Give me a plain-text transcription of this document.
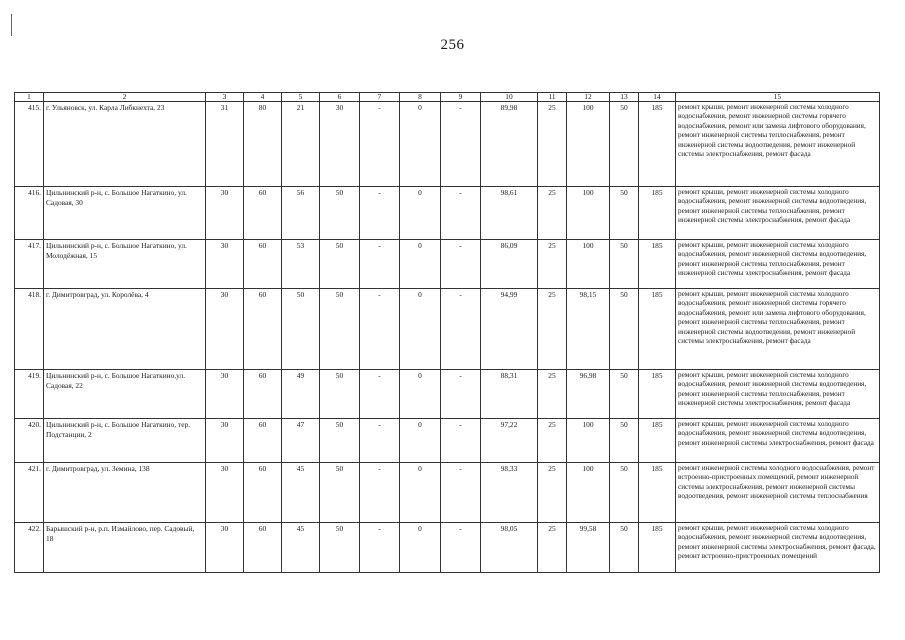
256
1	2	3	4	5	6	7	8	9	10	11	12	13	14	15
415.	г. Ульяновск, ул. Карла Либкнехта, 23	31	80	21	30	-	0	-	89,98	25	100	50	185	ремонт крыши, ремонт инженерной системы холодного водоснабжения, ремонт инженерной системы горячего водоснабжения, ремонт или замена лифтового оборудования, ремонт инженерной системы теплоснабжения, ремонт инженерной системы водоотведения, ремонт инженерной системы электроснабжения, ремонт фасада
416.	Цильнинский р-н, с. Большое Нагаткино, ул. Садовая, 30	30	60	56	50	-	0	-	98,61	25	100	50	185	ремонт крыши, ремонт инженерной системы холодного водоснабжения, ремонт инженерной системы водоотведения, ремонт инженерной системы теплоснабжения, ремонт инженерной системы электроснабжения, ремонт фасада
417.	Цильнинский р-н, с. Большое Нагаткино, ул. Молодёжная, 15	30	60	53	50	-	0	-	86,09	25	100	50	185	ремонт крыши, ремонт инженерной системы холодного водоснабжения, ремонт инженерной системы водоотведения, ремонт инженерной системы теплоснабжения, ремонт инженерной системы электроснабжения, ремонт фасада
418.	г. Димитровград, ул. Королёва, 4	30	60	50	50	-	0	-	94,99	25	98,15	50	185	ремонт крыши, ремонт инженерной системы холодного водоснабжения, ремонт инженерной системы горячего водоснабжения, ремонт или замена лифтового оборудования, ремонт инженерной системы теплоснабжения, ремонт инженерной системы водоотведения, ремонт инженерной системы электроснабжения, ремонт фасада
419.	Цильнинский р-н, с. Большое Нагаткино,ул. Садовая, 22	30	60	49	50	-	0	-	88,31	25	96,98	50	185	ремонт крыши, ремонт инженерной системы холодного водоснабжения, ремонт инженерной системы водоотведения, ремонт инженерной системы теплоснабжения, ремонт инженерной системы электроснабжения, ремонт фасада
420.	Цильнинский р-н, с. Большое Нагаткино, тер. Подстанции, 2	30	60	47	50	-	0	-	97,22	25	100	50	185	ремонт крыши, ремонт инженерной системы холодного водоснабжения, ремонт инженерной системы водоотведения, ремонт инженерной системы электроснабжения, ремонт фасада
421.	г. Димитровград, ул. Земина, 138	30	60	45	50	-	0	-	98,33	25	100	50	185	ремонт инженерной системы холодного водоснабжения, ремонт встроенно-пристроенных помещений, ремонт инженерной системы электроснабжения, ремонт инженерной системы водоотведения, ремонт инженерной системы теплоснабжения
422.	Барышский р-н, р.п. Измайлово, пер. Садовый, 18	30	60	45	50	-	0	-	98,05	25	99,58	50	185	ремонт крыши, ремонт инженерной системы холодного водоснабжения, ремонт инженерной системы водоотведения, ремонт инженерной системы электроснабжения, ремонт фасада, ремонт встроенно-пристроенных помещений
